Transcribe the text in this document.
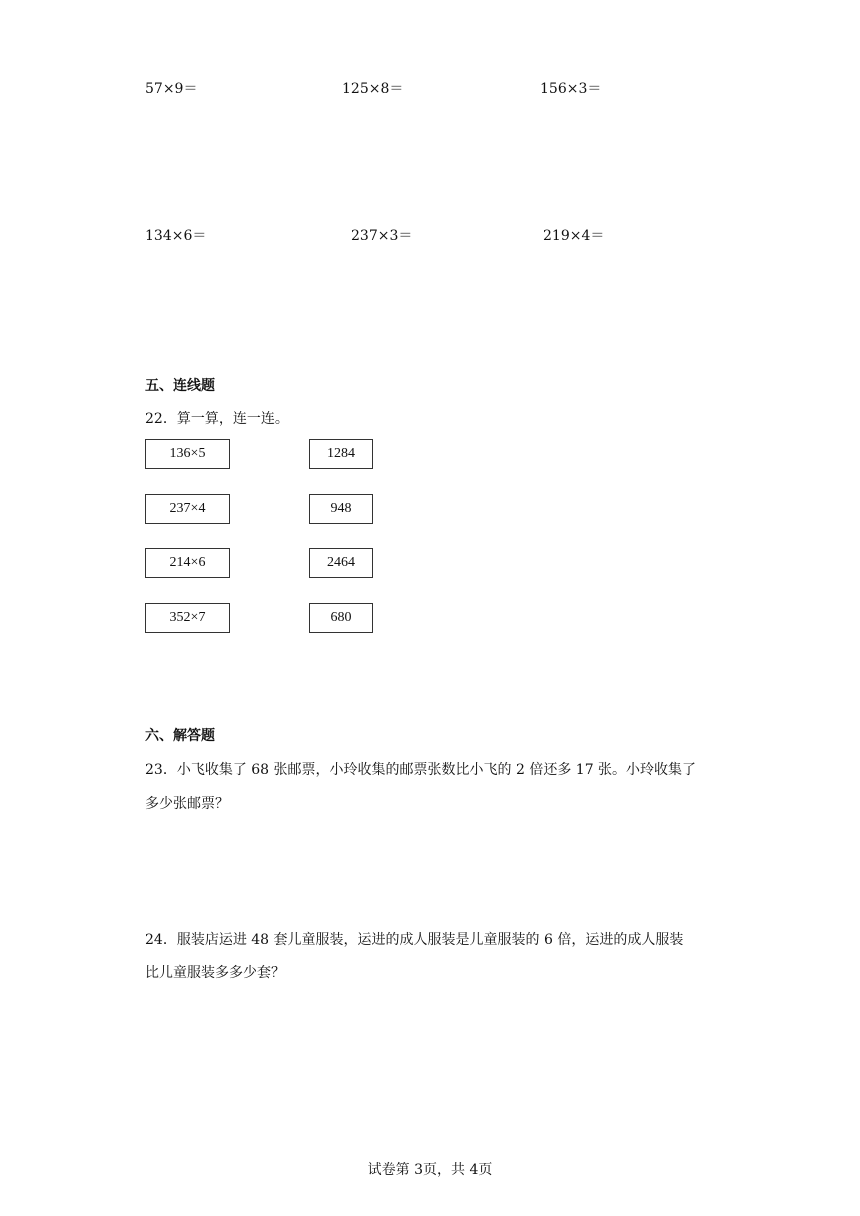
57×9＝	125×8＝	156×3＝
134×6＝	237×3＝	219×4＝
五、连线题
22．算一算，连一连。
136×5	1284
237×4	948
214×6	2464
352×7	680
六、解答题
23．小飞收集了 68 张邮票，小玲收集的邮票张数比小飞的 2 倍还多 17 张。小玲收集了
多少张邮票？
24．服装店运进 48 套儿童服装，运进的成人服装是儿童服装的 6 倍，运进的成人服装
比儿童服装多多少套？
试卷第 3页，共 4页
